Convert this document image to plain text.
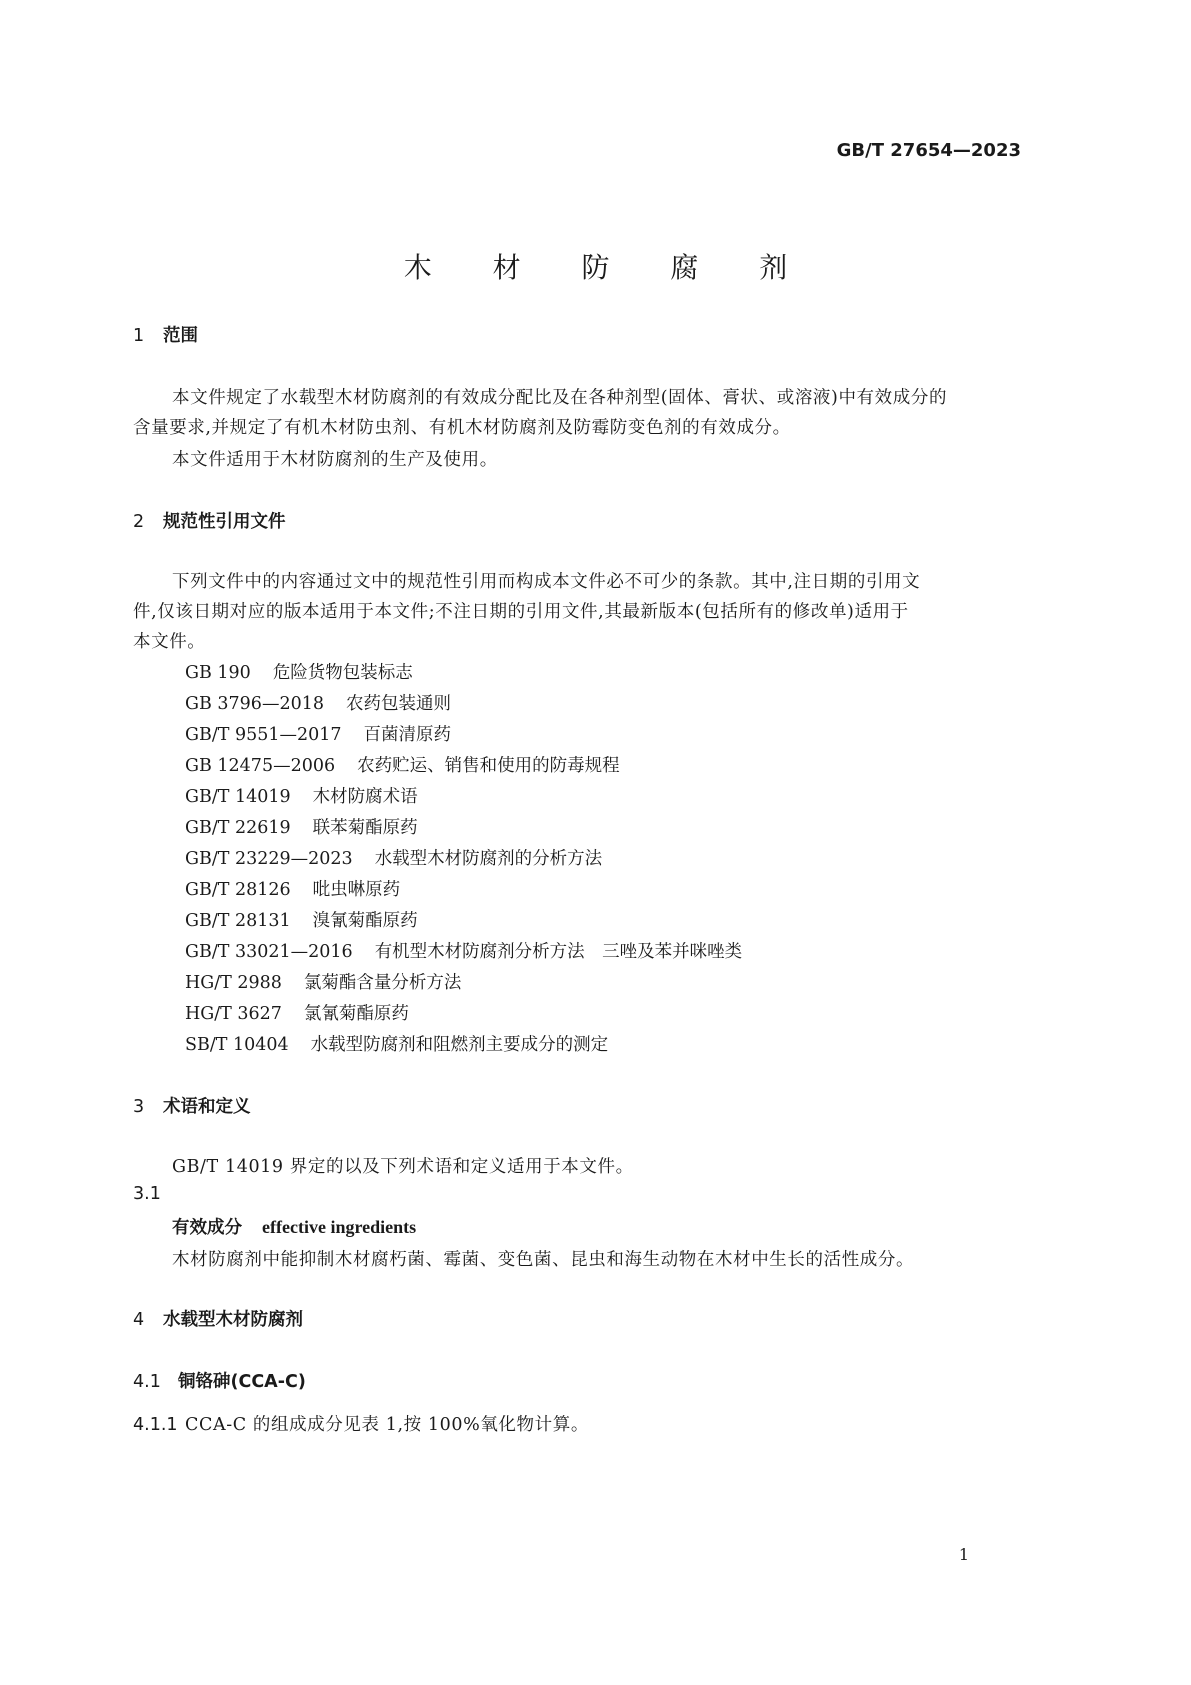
GB/T 27654—2023
木 材 防 腐 剂
1 范围
本文件规定了水载型木材防腐剂的有效成分配比及在各种剂型(固体、膏状、或溶液)中有效成分的
含量要求,并规定了有机木材防虫剂、有机木材防腐剂及防霉防变色剂的有效成分。
本文件适用于木材防腐剂的生产及使用。
2 规范性引用文件
下列文件中的内容通过文中的规范性引用而构成本文件必不可少的条款。其中,注日期的引用文
件,仅该日期对应的版本适用于本文件;不注日期的引用文件,其最新版本(包括所有的修改单)适用于
本文件。
GB 190 危险货物包装标志
GB 3796—2018 农药包装通则
GB/T 9551—2017 百菌清原药
GB 12475—2006 农药贮运、销售和使用的防毒规程
GB/T 14019 木材防腐术语
GB/T 22619 联苯菊酯原药
GB/T 23229—2023 水载型木材防腐剂的分析方法
GB/T 28126 吡虫啉原药
GB/T 28131 溴氰菊酯原药
GB/T 33021—2016 有机型木材防腐剂分析方法　三唑及苯并咪唑类
HG/T 2988 氯菊酯含量分析方法
HG/T 3627 氯氰菊酯原药
SB/T 10404 水载型防腐剂和阻燃剂主要成分的测定
3 术语和定义
GB/T 14019 界定的以及下列术语和定义适用于本文件。
3.1
有效成分 effective ingredients
木材防腐剂中能抑制木材腐朽菌、霉菌、变色菌、昆虫和海生动物在木材中生长的活性成分。
4 水载型木材防腐剂
4.1 铜铬砷(CCA-C)
4.1.1 CCA-C 的组成成分见表 1,按 100%氧化物计算。
1
